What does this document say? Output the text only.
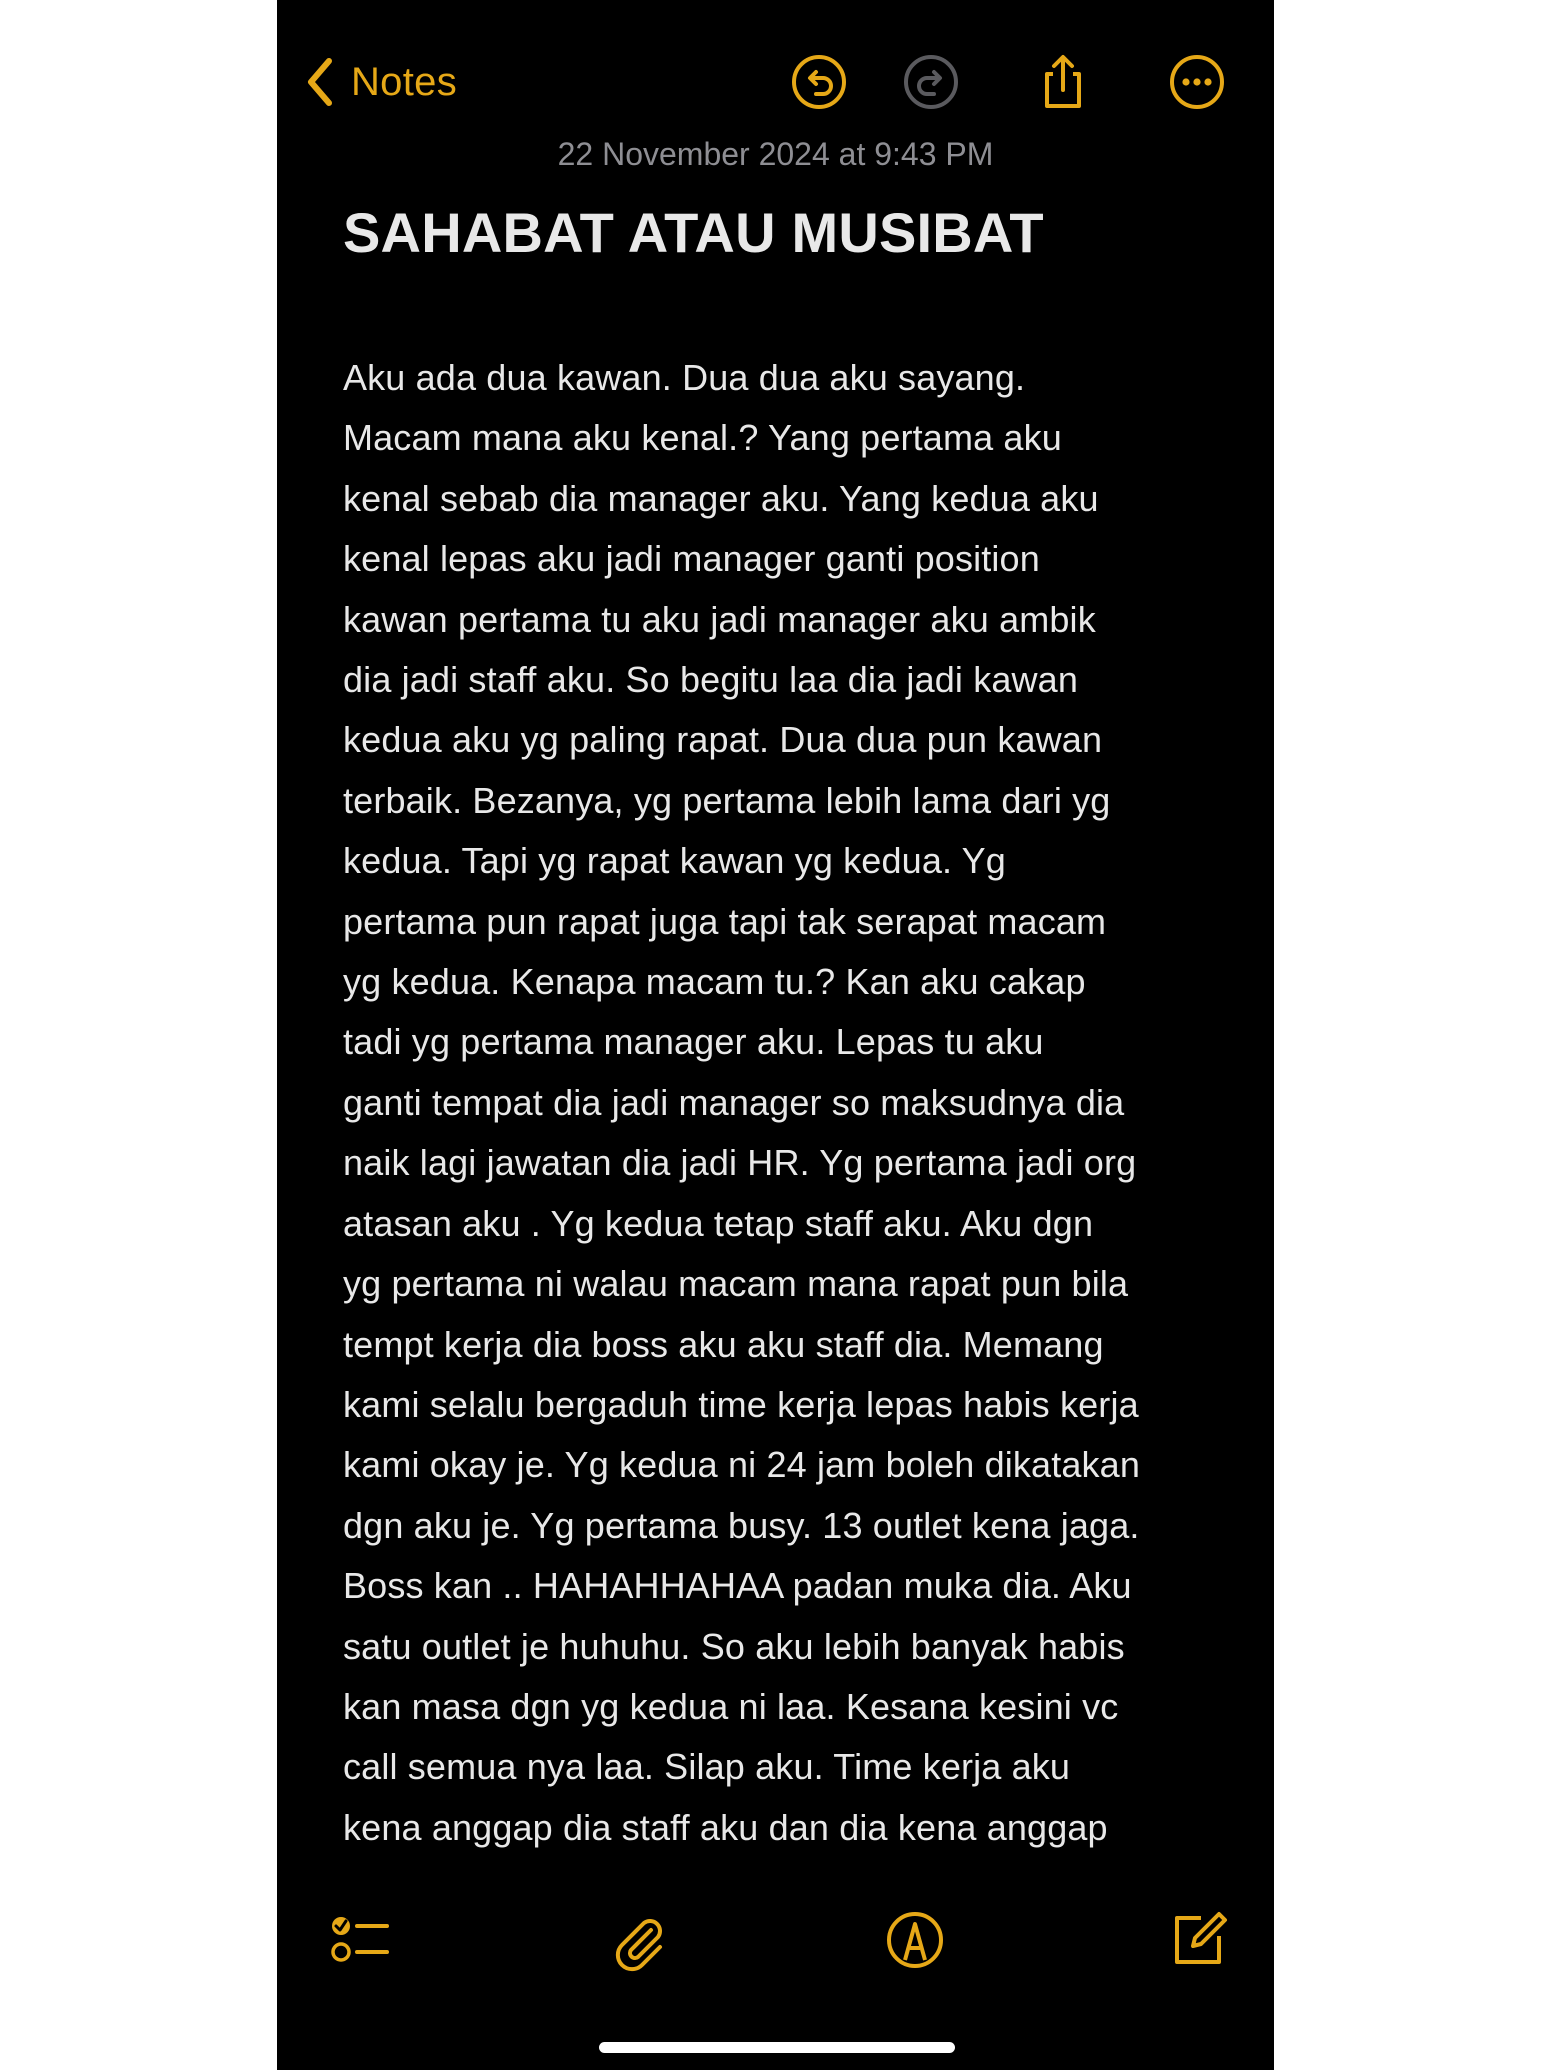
Notes
22 November 2024 at 9:43 PM
SAHABAT ATAU MUSIBAT
Aku ada dua kawan. Dua dua aku sayang.
Macam mana aku kenal.? Yang pertama aku
kenal sebab dia manager aku. Yang kedua aku
kenal lepas aku jadi manager ganti position
kawan pertama tu aku jadi manager aku ambik
dia jadi staff aku. So begitu laa dia jadi kawan
kedua aku yg paling rapat. Dua dua pun kawan
terbaik. Bezanya, yg pertama lebih lama dari yg
kedua. Tapi yg rapat kawan yg kedua. Yg
pertama pun rapat juga tapi tak serapat macam
yg kedua. Kenapa macam tu.? Kan aku cakap
tadi yg pertama manager aku. Lepas tu aku
ganti tempat dia jadi manager so maksudnya dia
naik lagi jawatan dia jadi HR. Yg pertama jadi org
atasan aku . Yg kedua tetap staff aku. Aku dgn
yg pertama ni walau macam mana rapat pun bila
tempt kerja dia boss aku aku staff dia. Memang
kami selalu bergaduh time kerja lepas habis kerja
kami okay je. Yg kedua ni 24 jam boleh dikatakan
dgn aku je. Yg pertama busy. 13 outlet kena jaga.
Boss kan .. HAHAHHAHAA padan muka dia. Aku
satu outlet je huhuhu. So aku lebih banyak habis
kan masa dgn yg kedua ni laa. Kesana kesini vc
call semua nya laa. Silap aku. Time kerja aku
kena anggap dia staff aku dan dia kena anggap
